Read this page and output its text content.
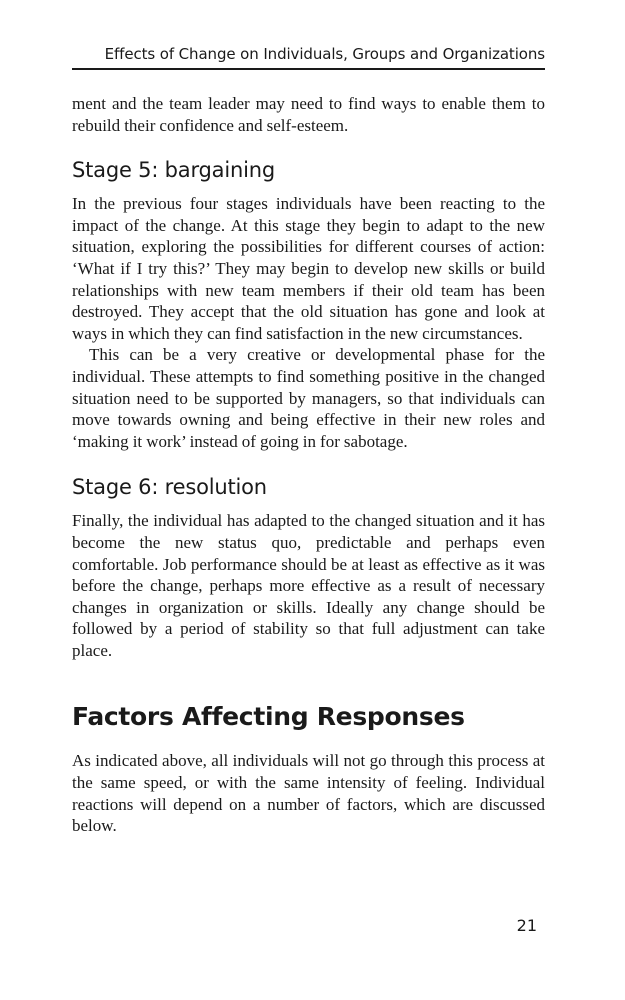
Effects of Change on Individuals, Groups and Organizations

ment and the team leader may need to find ways to enable them to rebuild their confidence and self-esteem.

Stage 5: bargaining

In the previous four stages individuals have been reacting to the impact of the change. At this stage they begin to adapt to the new situation, exploring the possibilities for different courses of action: ‘What if I try this?’ They may begin to develop new skills or build relationships with new team members if their old team has been destroyed. They accept that the old situation has gone and look at ways in which they can find satisfaction in the new circumstances.

This can be a very creative or developmental phase for the individual. These attempts to find something positive in the changed situation need to be supported by managers, so that individuals can move towards owning and being effective in their new roles and ‘making it work’ instead of going in for sabotage.

Stage 6: resolution

Finally, the individual has adapted to the changed situation and it has become the new status quo, predictable and perhaps even comfortable. Job performance should be at least as effective as it was before the change, perhaps more effective as a result of necessary changes in organization or skills. Ideally any change should be followed by a period of stability so that full adjustment can take place.

Factors Affecting Responses

As indicated above, all individuals will not go through this process at the same speed, or with the same intensity of feeling. Individual reactions will depend on a number of factors, which are discussed below.

21
